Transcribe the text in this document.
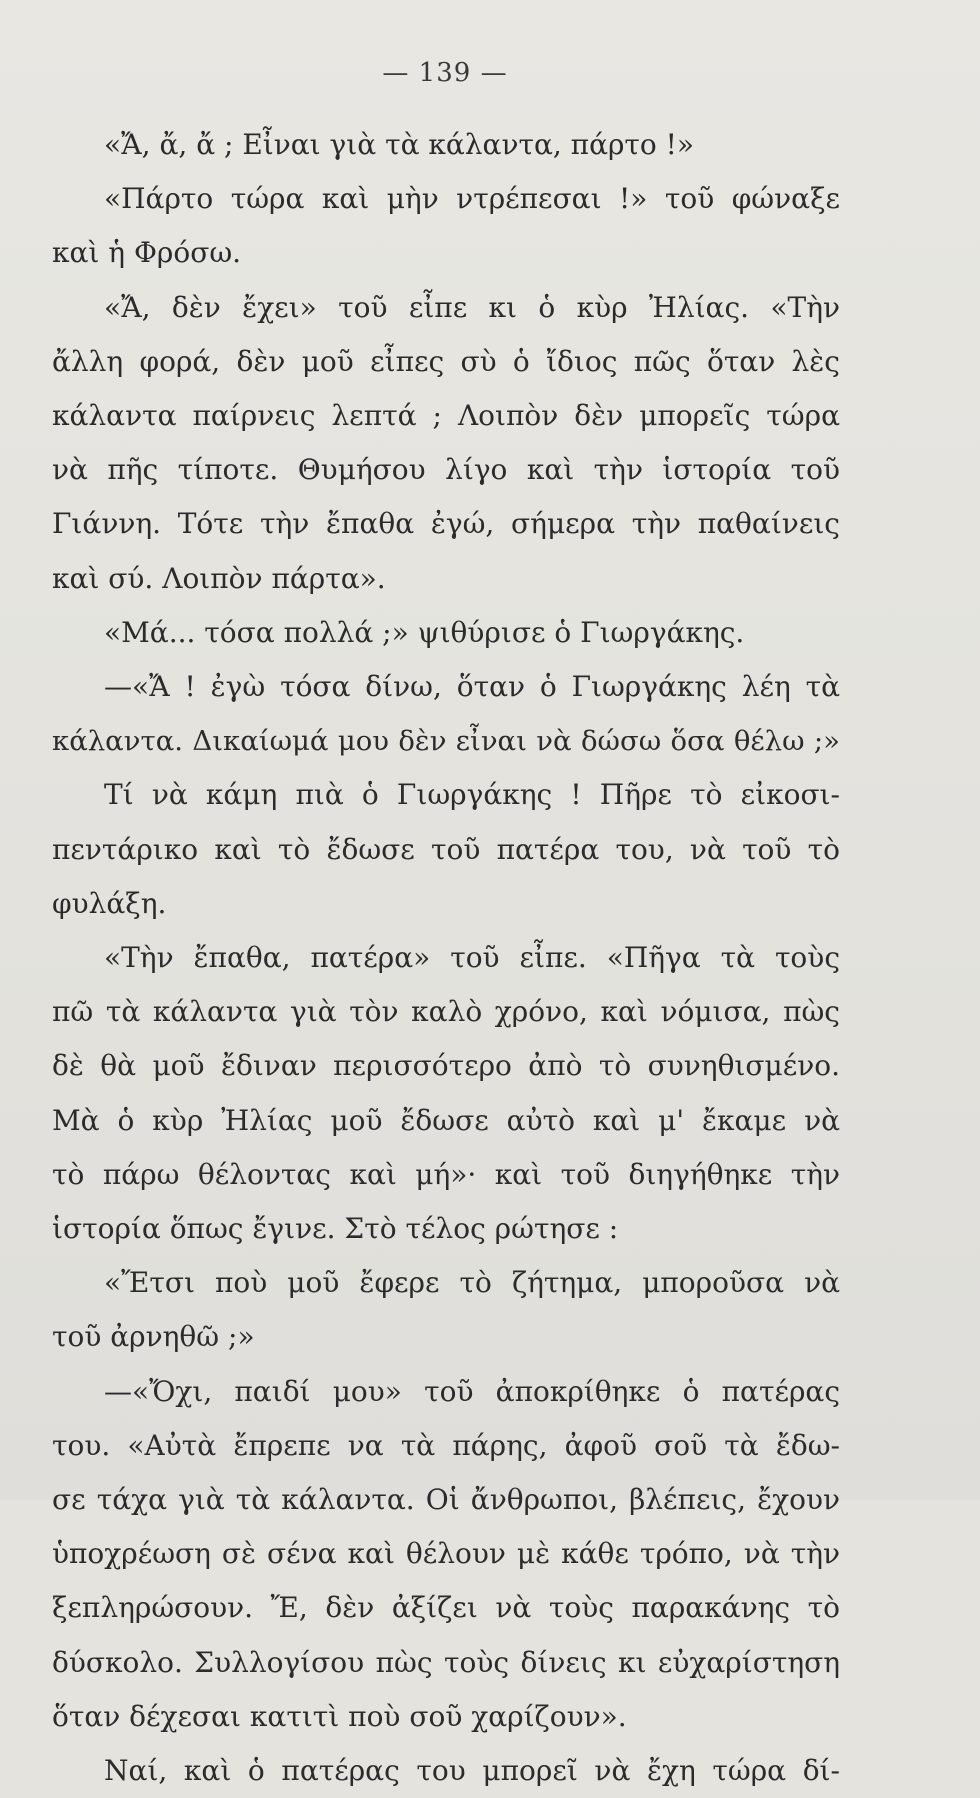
— 139 —
«Ἄ, ἄ, ἄ ; Εἶναι γιὰ τὰ κάλαντα, πάρτο !»
«Πάρτο τώρα καὶ μὴν ντρέπεσαι !» τοῦ φώναξε
καὶ ἡ Φρόσω.
«Ἄ, δὲν ἔχει» τοῦ εἶπε κι ὁ κὺρ Ἠλίας. «Τὴν
ἄλλη φορά, δὲν μοῦ εἶπες σὺ ὁ ἴδιος πῶς ὅταν λὲς
κάλαντα παίρνεις λεπτά ; Λοιπὸν δὲν μπορεῖς τώρα
νὰ πῆς τίποτε. Θυμήσου λίγο καὶ τὴν ἱστορία τοῦ
Γιάννη. Τότε τὴν ἔπαθα ἐγώ, σήμερα τὴν παθαίνεις
καὶ σύ. Λοιπὸν πάρτα».
«Μά... τόσα πολλά ;» ψιθύρισε ὁ Γιωργάκης.
—«Ἄ ! ἐγὼ τόσα δίνω, ὅταν ὁ Γιωργάκης λέη τὰ
κάλαντα. Δικαίωμά μου δὲν εἶναι νὰ δώσω ὅσα θέλω ;»
Τί νὰ κάμη πιὰ ὁ Γιωργάκης ! Πῆρε τὸ εἰκοσι-
πεντάρικο καὶ τὸ ἔδωσε τοῦ πατέρα του, νὰ τοῦ τὸ
φυλάξη.
«Τὴν ἔπαθα, πατέρα» τοῦ εἶπε. «Πῆγα τὰ τοὺς
πῶ τὰ κάλαντα γιὰ τὸν καλὸ χρόνο, καὶ νόμισα, πὼς
δὲ θὰ μοῦ ἔδιναν περισσότερο ἀπὸ τὸ συνηθισμένο.
Μὰ ὁ κὺρ Ἠλίας μοῦ ἔδωσε αὐτὸ καὶ μ' ἔκαμε νὰ
τὸ πάρω θέλοντας καὶ μή»· καὶ τοῦ διηγήθηκε τὴν
ἱστορία ὅπως ἔγινε. Στὸ τέλος ρώτησε :
«Ἔτσι ποὺ μοῦ ἔφερε τὸ ζήτημα, μποροῦσα νὰ
τοῦ ἀρνηθῶ ;»
—«Ὄχι, παιδί μου» τοῦ ἀποκρίθηκε ὁ πατέρας
του. «Αὐτὰ ἔπρεπε να τὰ πάρης, ἀφοῦ σοῦ τὰ ἔδω-
σε τάχα γιὰ τὰ κάλαντα. Οἱ ἄνθρωποι, βλέπεις, ἔχουν
ὑποχρέωση σὲ σένα καὶ θέλουν μὲ κάθε τρόπο, νὰ τὴν
ξεπληρώσουν. Ἔ, δὲν ἀξίζει νὰ τοὺς παρακάνης τὸ
δύσκολο. Συλλογίσου πὼς τοὺς δίνεις κι εὐχαρίστηση
ὅταν δέχεσαι κατιτὶ ποὺ σοῦ χαρίζουν».
Ναί, καὶ ὁ πατέρας του μπορεῖ νὰ ἔχη τώρα δί-
